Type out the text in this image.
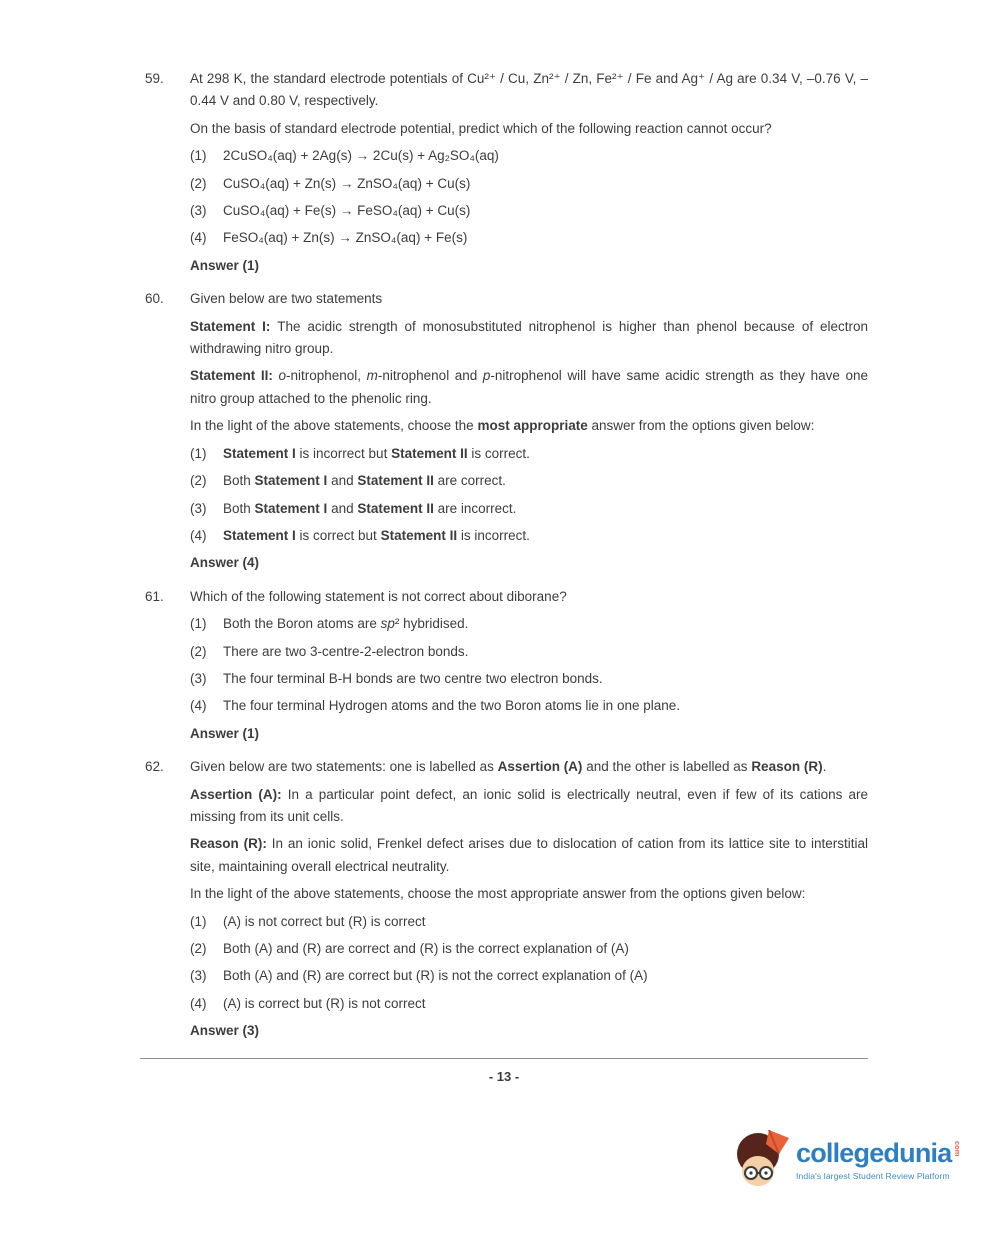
59.	At 298 K, the standard electrode potentials of Cu²⁺ / Cu, Zn²⁺ / Zn, Fe²⁺ / Fe and Ag⁺ / Ag are 0.34 V, –0.76 V, –0.44 V and 0.80 V, respectively.
On the basis of standard electrode potential, predict which of the following reaction cannot occur?
(1)	2CuSO₄(aq) + 2Ag(s) → 2Cu(s) + Ag₂SO₄(aq)
(2)	CuSO₄(aq) + Zn(s) → ZnSO₄(aq) + Cu(s)
(3)	CuSO₄(aq) + Fe(s) → FeSO₄(aq) + Cu(s)
(4)	FeSO₄(aq) + Zn(s) → ZnSO₄(aq) + Fe(s)
Answer (1)
60.	Given below are two statements
Statement I: The acidic strength of monosubstituted nitrophenol is higher than phenol because of electron withdrawing nitro group.
Statement II: o-nitrophenol, m-nitrophenol and p-nitrophenol will have same acidic strength as they have one nitro group attached to the phenolic ring.
In the light of the above statements, choose the most appropriate answer from the options given below:
(1)	Statement I is incorrect but Statement II is correct.
(2)	Both Statement I and Statement II are correct.
(3)	Both Statement I and Statement II are incorrect.
(4)	Statement I is correct but Statement II is incorrect.
Answer (4)
61.	Which of the following statement is not correct about diborane?
(1)	Both the Boron atoms are sp² hybridised.
(2)	There are two 3-centre-2-electron bonds.
(3)	The four terminal B-H bonds are two centre two electron bonds.
(4)	The four terminal Hydrogen atoms and the two Boron atoms lie in one plane.
Answer (1)
62.	Given below are two statements: one is labelled as Assertion (A) and the other is labelled as Reason (R).
Assertion (A): In a particular point defect, an ionic solid is electrically neutral, even if few of its cations are missing from its unit cells.
Reason (R): In an ionic solid, Frenkel defect arises due to dislocation of cation from its lattice site to interstitial site, maintaining overall electrical neutrality.
In the light of the above statements, choose the most appropriate answer from the options given below:
(1)	(A) is not correct but (R) is correct
(2)	Both (A) and (R) are correct and (R) is the correct explanation of (A)
(3)	Both (A) and (R) are correct but (R) is not the correct explanation of (A)
(4)	(A) is correct but (R) is not correct
Answer (3)
- 13 -
collegedunia com
India's largest Student Review Platform
